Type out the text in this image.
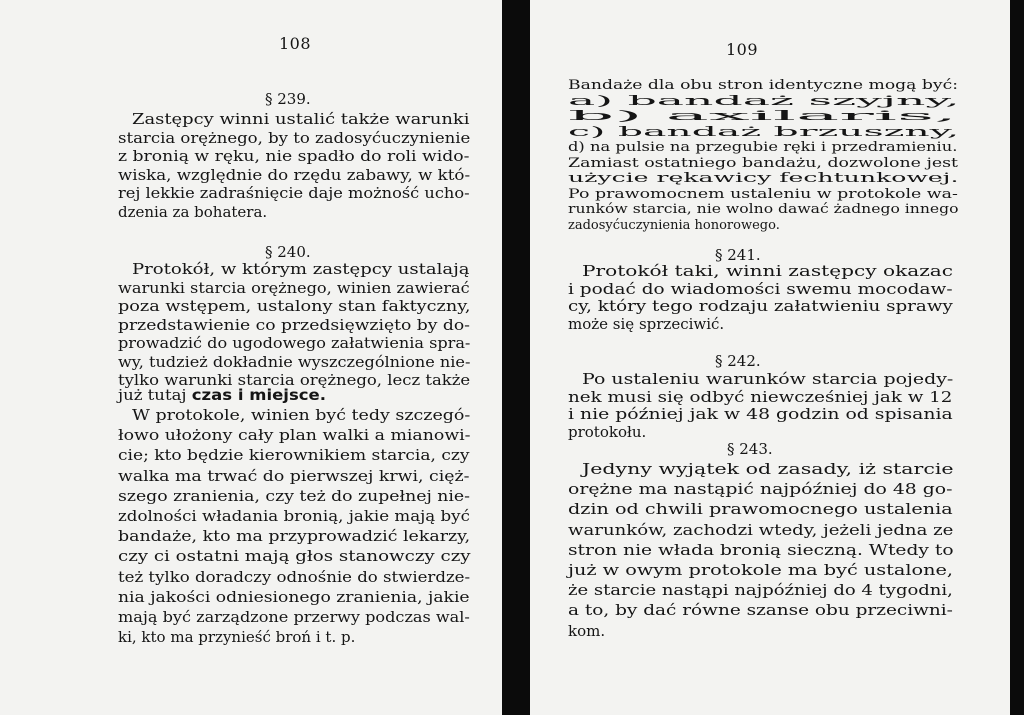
108
§ 239.
Zastępcy winni ustalić także warunki
starcia orężnego, by to zadosyćuczynienie
z bronią w ręku, nie spadło do roli wido-
wiska, względnie do rzędu zabawy, w któ-
rej lekkie zadraśnięcie daje możność ucho-
dzenia za bohatera.
§ 240.
Protokół, w którym zastępcy ustalają
warunki starcia orężnego, winien zawierać
poza wstępem, ustalony stan faktyczny,
przedstawienie co przedsięwzięto by do-
prowadzić do ugodowego załatwienia spra-
wy, tudzież dokładnie wyszczególnione nie-
tylko warunki starcia orężnego, lecz także
już tutaj czas i miejsce.
W protokole, winien być tedy szczegó-
łowo ułożony cały plan walki a mianowi-
cie; kto będzie kierownikiem starcia, czy
walka ma trwać do pierwszej krwi, cięż-
szego zranienia, czy też do zupełnej nie-
zdolności władania bronią, jakie mają być
bandaże, kto ma przyprowadzić lekarzy,
czy ci ostatni mają głos stanowczy czy
też tylko doradczy odnośnie do stwierdze-
nia jakości odniesionego zranienia, jakie
mają być zarządzone przerwy podczas wal-
ki, kto ma przynieść broń i t. p.
109
Bandaże dla obu stron identyczne mogą być:
a) bandaż szyjny,
b) axilaris,
c) bandaż brzuszny,
d) na pulsie na przegubie ręki i przedramieniu.
Zamiast ostatniego bandażu, dozwolone jest
użycie rękawicy fechtunkowej.
Po prawomocnem ustaleniu w protokole wa-
runków starcia, nie wolno dawać żadnego innego
zadosyćuczynienia honorowego.
§ 241.
Protokół taki, winni zastępcy okazac
i podać do wiadomości swemu mocodaw-
cy, który tego rodzaju załatwieniu sprawy
może się sprzeciwić.
§ 242.
Po ustaleniu warunków starcia pojedy-
nek musi się odbyć niewcześniej jak w 12
i nie później jak w 48 godzin od spisania
protokołu.
§ 243.
Jedyny wyjątek od zasady, iż starcie
orężne ma nastąpić najpóźniej do 48 go-
dzin od chwili prawomocnego ustalenia
warunków, zachodzi wtedy, jeżeli jedna ze
stron nie włada bronią sieczną. Wtedy to
już w owym protokole ma być ustalone,
że starcie nastąpi najpóźniej do 4 tygodni,
a to, by dać równe szanse obu przeciwni-
kom.
